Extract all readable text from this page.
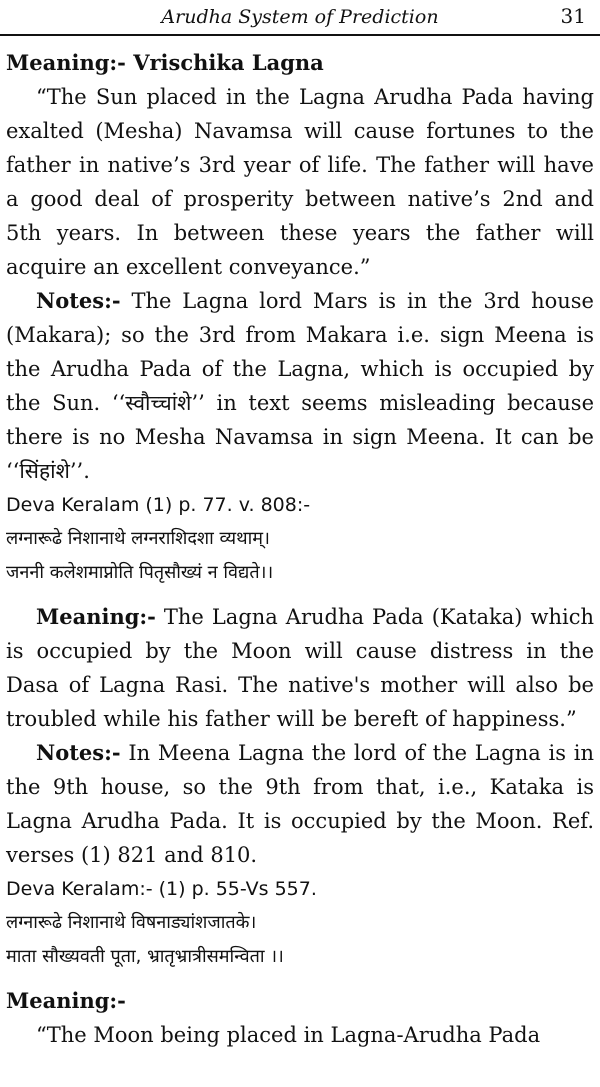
Arudha System of Prediction	31

Meaning:- Vrischika Lagna

“The Sun placed in the Lagna Arudha Pada having exalted (Mesha) Navamsa will cause fortunes to the father in native’s 3rd year of life. The father will have a good deal of prosperity between native’s 2nd and 5th years. In between these years the father will acquire an excellent conveyance.”

Notes:- The Lagna lord Mars is in the 3rd house (Makara); so the 3rd from Makara i.e. sign Meena is the Arudha Pada of the Lagna, which is occupied by the Sun. ‘‘स्वौच्चांशे’’ in text seems misleading because there is no Mesha Navamsa in sign Meena. It can be ‘‘सिंहांशे’’.

Deva Keralam (1) p. 77. v. 808:-

लग्नारूढे निशानाथे लग्नराशिदशा व्यथाम्।

जननी कलेशमाप्नोति पितृसौख्यं न विद्यते।।

Meaning:- The Lagna Arudha Pada (Kataka) which is occupied by the Moon will cause distress in the Dasa of Lagna Rasi. The native's mother will also be troubled while his father will be bereft of happiness.”

Notes:- In Meena Lagna the lord of the Lagna is in the 9th house, so the 9th from that, i.e., Kataka is Lagna Arudha Pada. It is occupied by the Moon. Ref. verses (1) 821 and 810.

Deva Keralam:- (1) p. 55-Vs 557.

लग्नारूढे निशानाथे विषनाड्यांशजातके।

माता सौख्यवती पूता, भ्रातृभ्रात्रीसमन्विता ।।

Meaning:-

“The Moon being placed in Lagna-Arudha Pada
